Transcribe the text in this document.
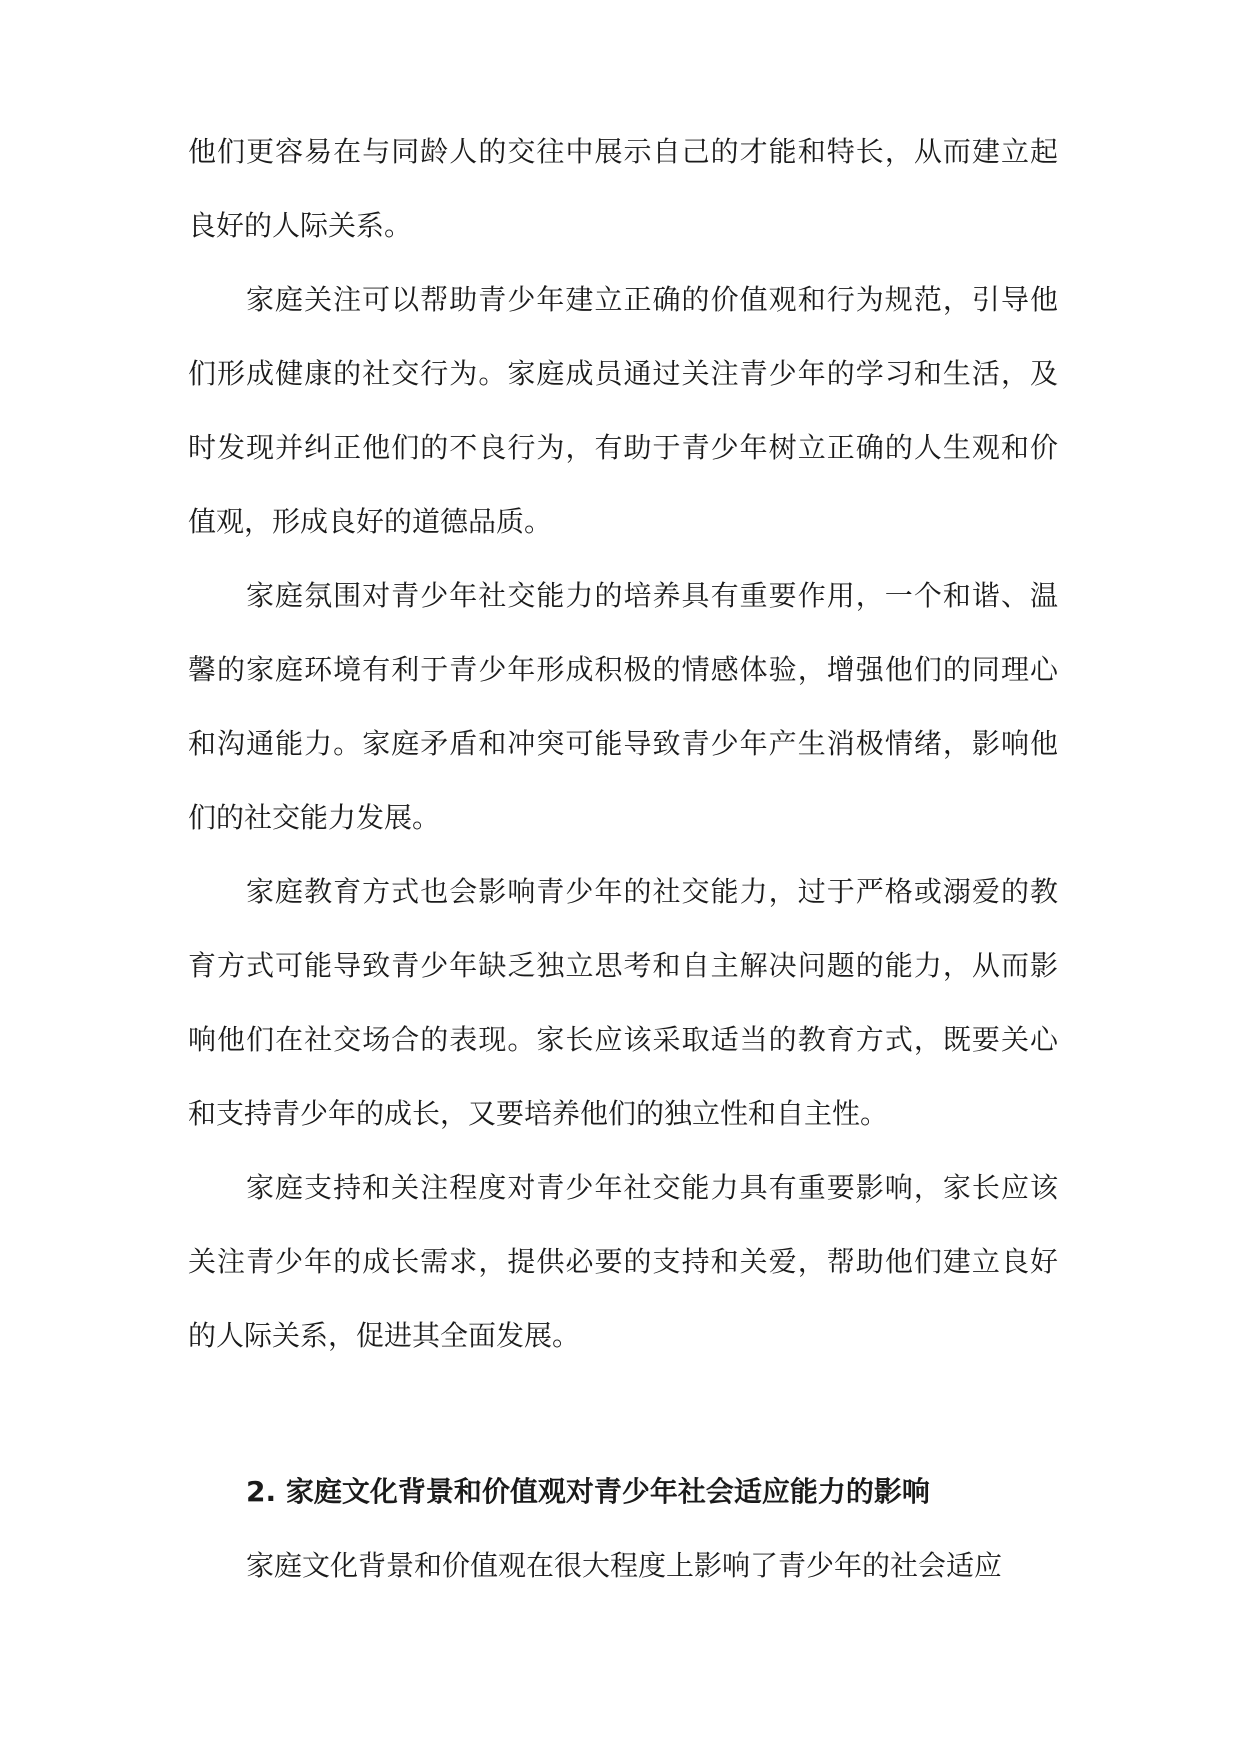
他们更容易在与同龄人的交往中展示自己的才能和特长，从而建立起
良好的人际关系。
家庭关注可以帮助青少年建立正确的价值观和行为规范，引导他
们形成健康的社交行为。家庭成员通过关注青少年的学习和生活，及
时发现并纠正他们的不良行为，有助于青少年树立正确的人生观和价
值观，形成良好的道德品质。
家庭氛围对青少年社交能力的培养具有重要作用，一个和谐、温
馨的家庭环境有利于青少年形成积极的情感体验，增强他们的同理心
和沟通能力。家庭矛盾和冲突可能导致青少年产生消极情绪，影响他
们的社交能力发展。
家庭教育方式也会影响青少年的社交能力，过于严格或溺爱的教
育方式可能导致青少年缺乏独立思考和自主解决问题的能力，从而影
响他们在社交场合的表现。家长应该采取适当的教育方式，既要关心
和支持青少年的成长，又要培养他们的独立性和自主性。
家庭支持和关注程度对青少年社交能力具有重要影响，家长应该
关注青少年的成长需求，提供必要的支持和关爱，帮助他们建立良好
的人际关系，促进其全面发展。
2. 家庭文化背景和价值观对青少年社会适应能力的影响
家庭文化背景和价值观在很大程度上影响了青少年的社会适应
